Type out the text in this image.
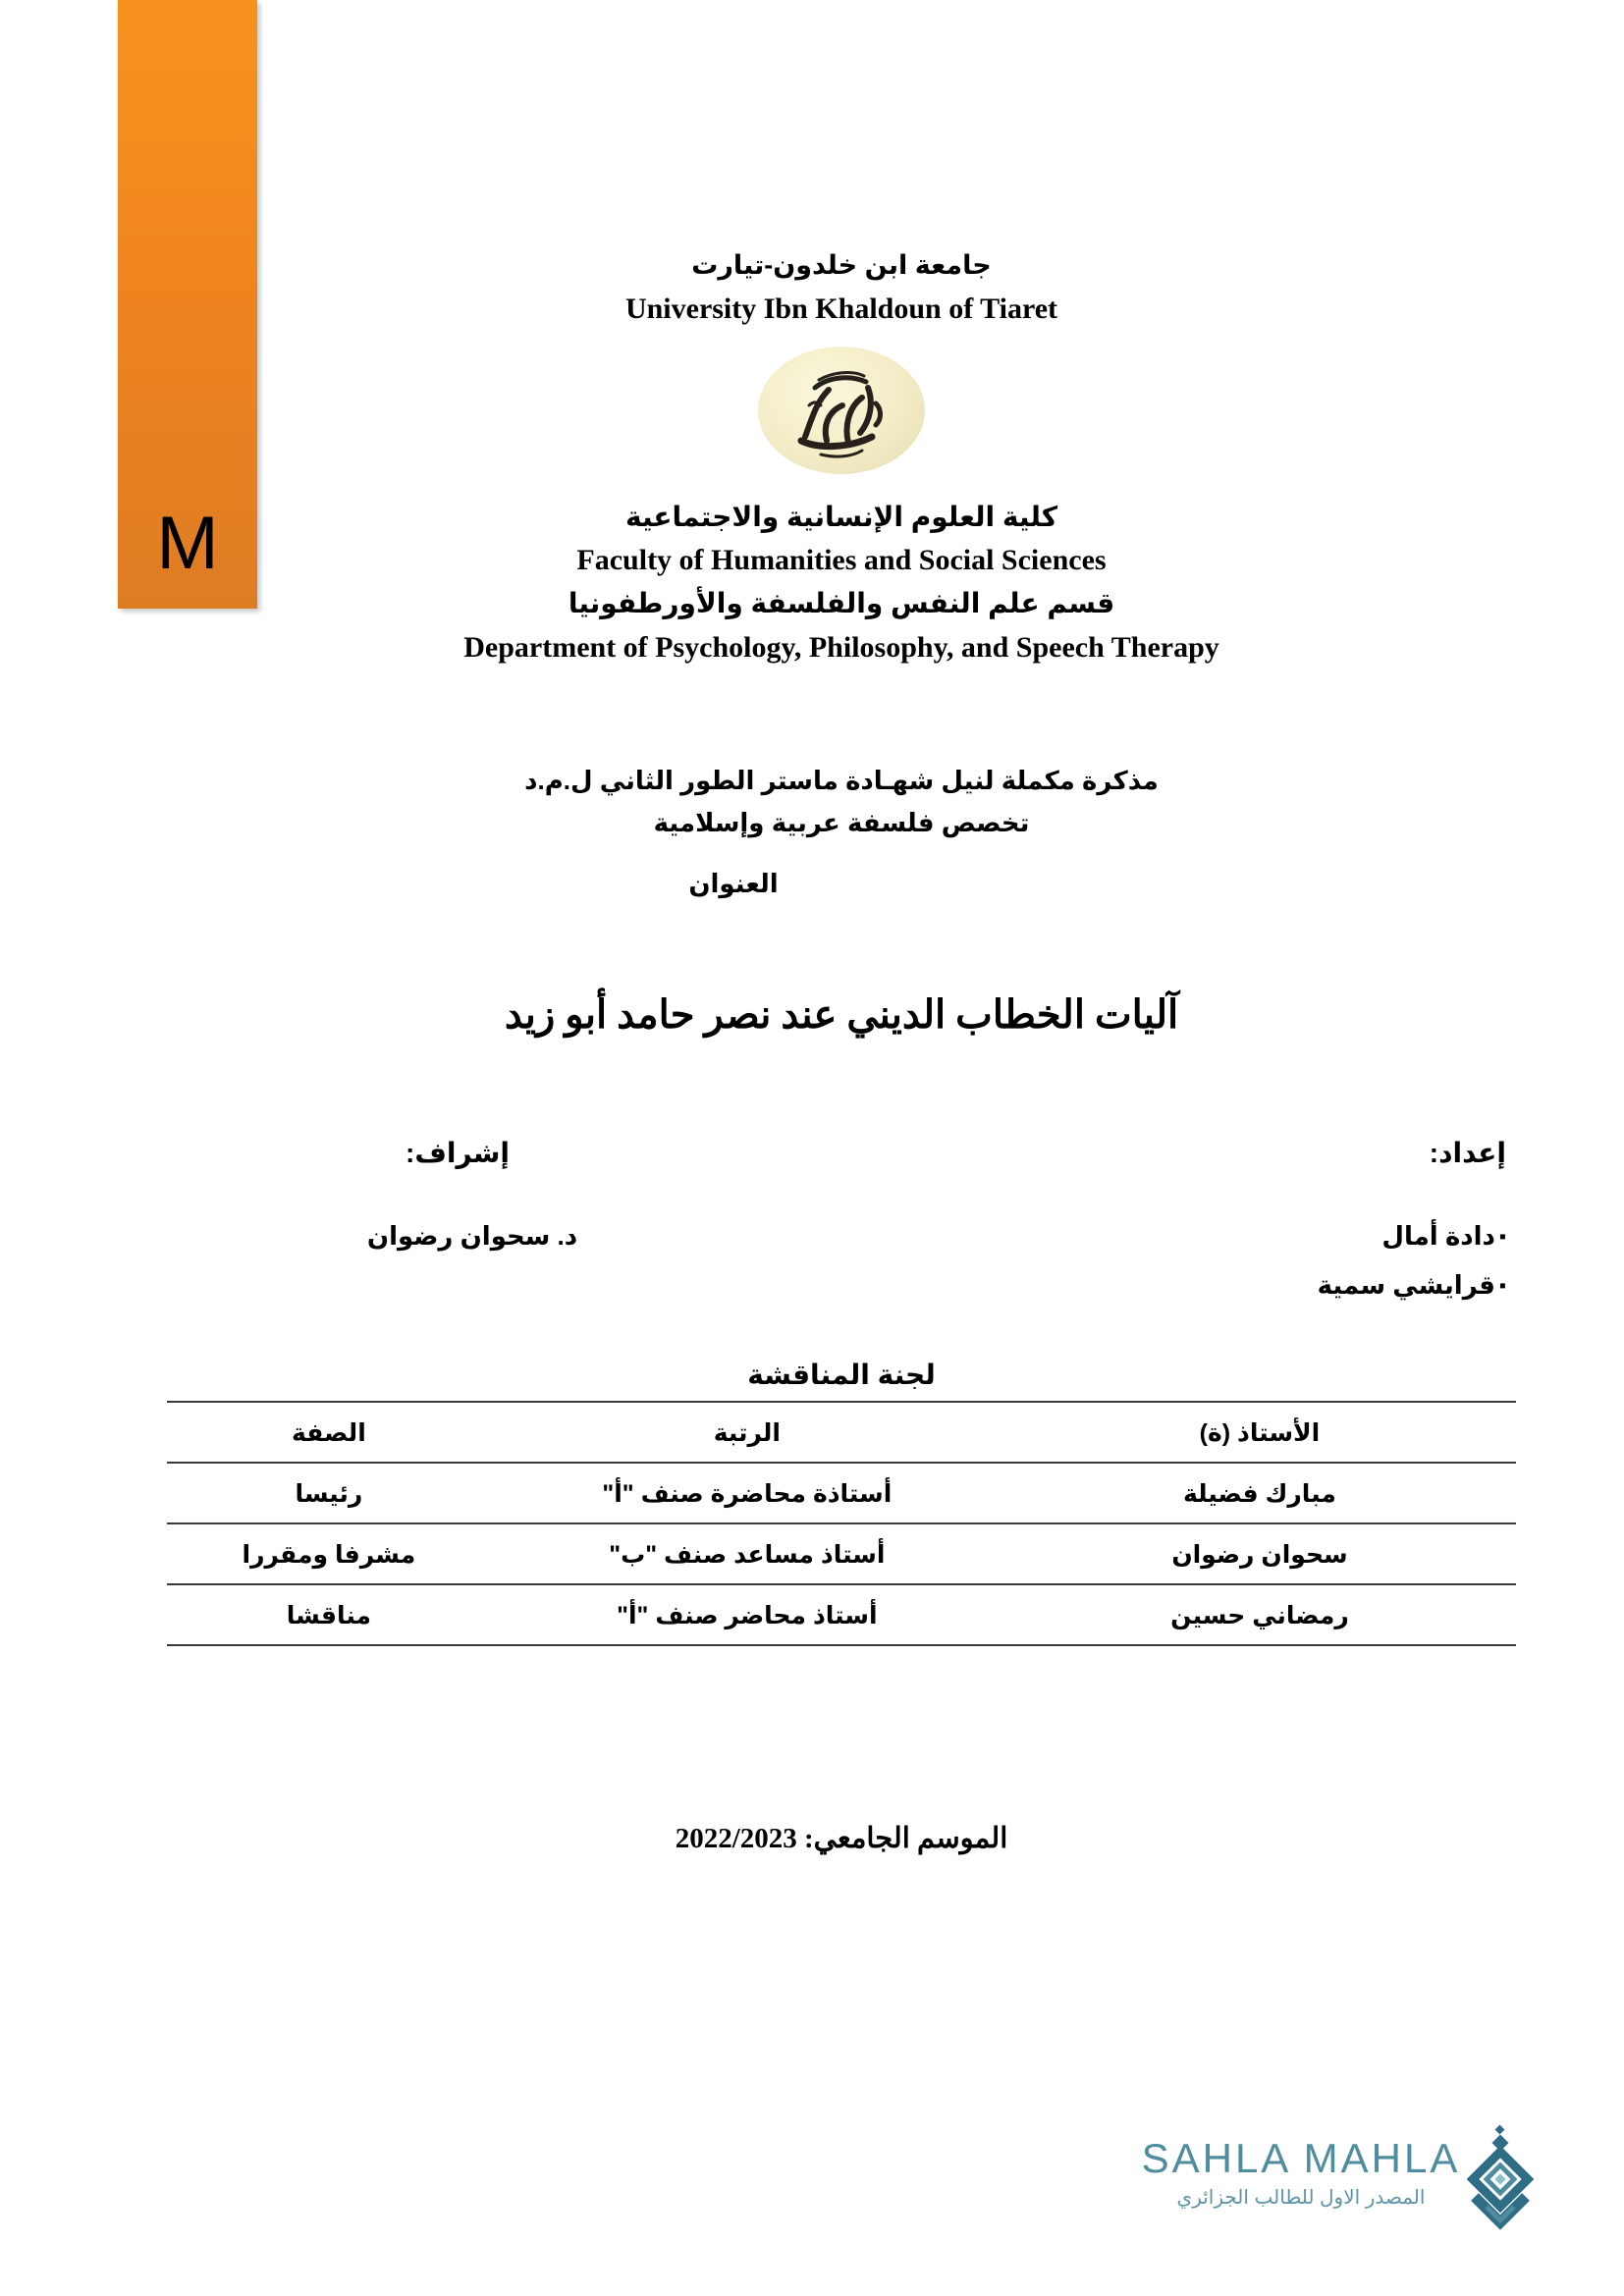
M
جامعة ابن خلدون-تيارت
University Ibn Khaldoun of Tiaret
كلية العلوم الإنسانية والاجتماعية
Faculty of Humanities and Social Sciences
قسم علم النفس والفلسفة والأورطفونيا
Department of Psychology, Philosophy, and Speech Therapy
مذكرة مكملة لنيل شهـادة ماستر الطور الثاني ل.م.د
تخصص فلسفة عربية وإسلامية
العنوان
آليات الخطاب الديني عند نصر حامد أبو زيد
إعداد:
▪دادة أمال
▪قرايشي سمية
إشراف:
د. سحوان رضوان
لجنة المناقشة
الأستاذ (ة)	الرتبة	الصفة
مبارك فضيلة	أستاذة محاضرة صنف "أ"	رئيسا
سحوان رضوان	أستاذ مساعد صنف "ب"	مشرفا ومقررا
رمضاني حسين	أستاذ محاضر صنف "أ"	مناقشا
الموسم الجامعي: 2022/2023
SAHLA MAHLA
المصدر الاول للطالب الجزائري
